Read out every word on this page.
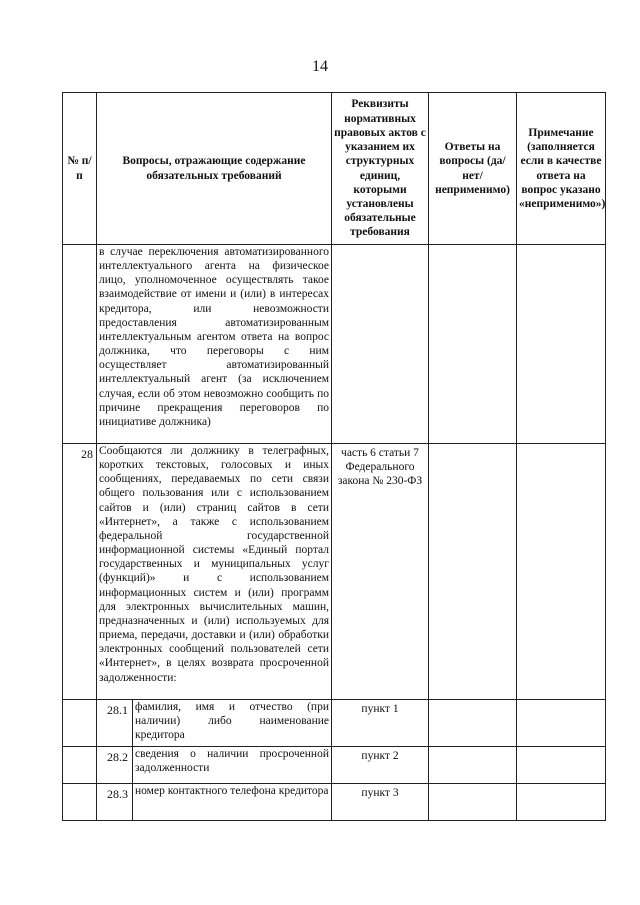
14
№ п/п	Вопросы, отражающие содержание обязательных требований	Реквизиты нормативных правовых актов с указанием их структурных единиц, которыми установлены обязательные требования	Ответы на вопросы (да/нет/ неприменимо)	Примечание (заполняется если в качестве ответа на вопрос указано «неприменимо»)
	в случае переключения автоматизированного интеллектуального агента на физическое лицо, уполномоченное осуществлять такое взаимодействие от имени и (или) в интересах кредитора, или невозможности предоставления автоматизированным интеллектуальным агентом ответа на вопрос должника, что переговоры с ним осуществляет автоматизированный интеллектуальный агент (за исключением случая, если об этом невозможно сообщить по причине прекращения переговоров по инициативе должника)			
28	Сообщаются ли должнику в телеграфных, коротких текстовых, голосовых и иных сообщениях, передаваемых по сети связи общего пользования или с использованием сайтов и (или) страниц сайтов в сети «Интернет», а также с использованием федеральной государственной информационной системы «Единый портал государственных и муниципальных услуг (функций)» и с использованием информационных систем и (или) программ для электронных вычислительных машин, предназначенных и (или) используемых для приема, передачи, доставки и (или) обработки электронных сообщений пользователей сети «Интернет», в целях возврата просроченной задолженности:	часть 6 статьи 7 Федерального закона № 230-ФЗ		

	28.1 фамилия, имя и отчество (при наличии) либо наименование кредитора	пункт 1		

	28.2 сведения о наличии просроченной задолженности	пункт 2		

	28.3 номер контактного телефона кредитора	пункт 3		
